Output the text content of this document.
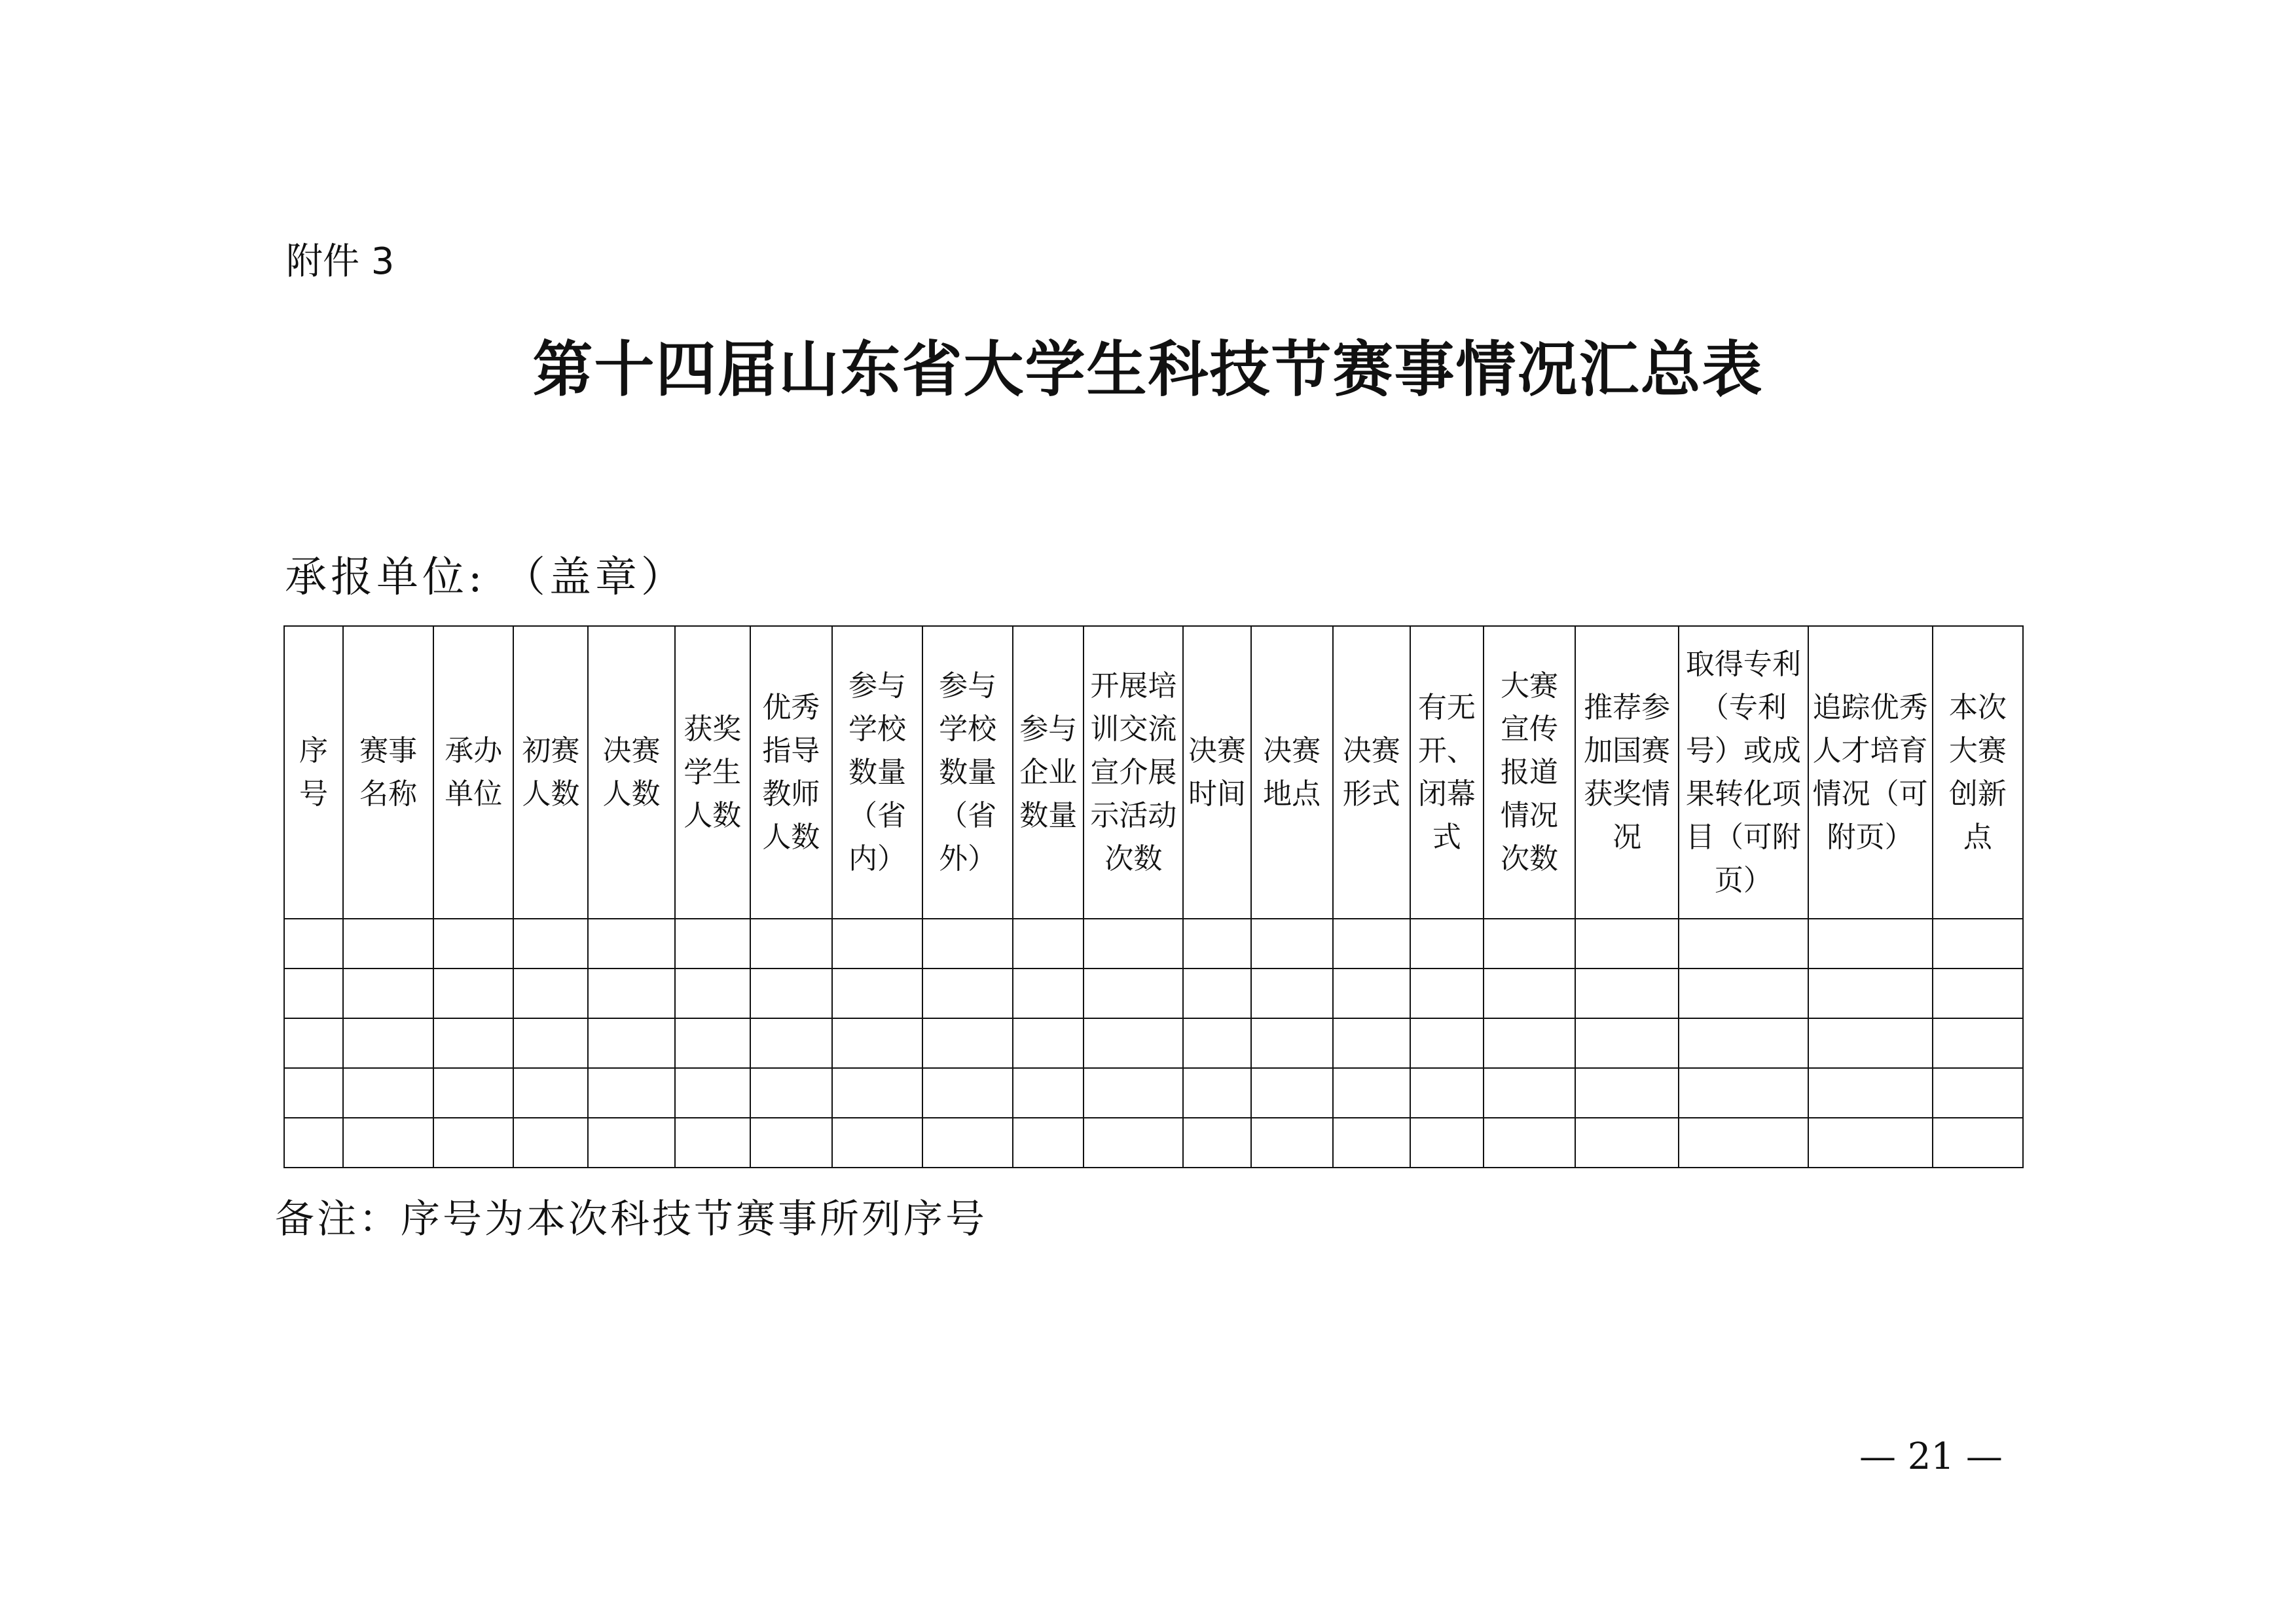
附件 3
第十四届山东省大学生科技节赛事情况汇总表
承报单位: （盖章）
序号	赛事名称	承办单位	初赛人数	决赛人数	获奖学生人数	优秀指导教师人数	参与学校数量（省内）	参与学校数量（省外）	参与企业数量	开展培训交流宣介展示活动次数	决赛时间	决赛地点	决赛形式	有无开、闭幕式	大赛宣传报道情况次数	推荐参加国赛获奖情况	取得专利（专利号）或成果转化项目（可附页）	追踪优秀人才培育情况（可附页）	本次大赛创新点

备注：序号为本次科技节赛事所列序号
— 21 —
